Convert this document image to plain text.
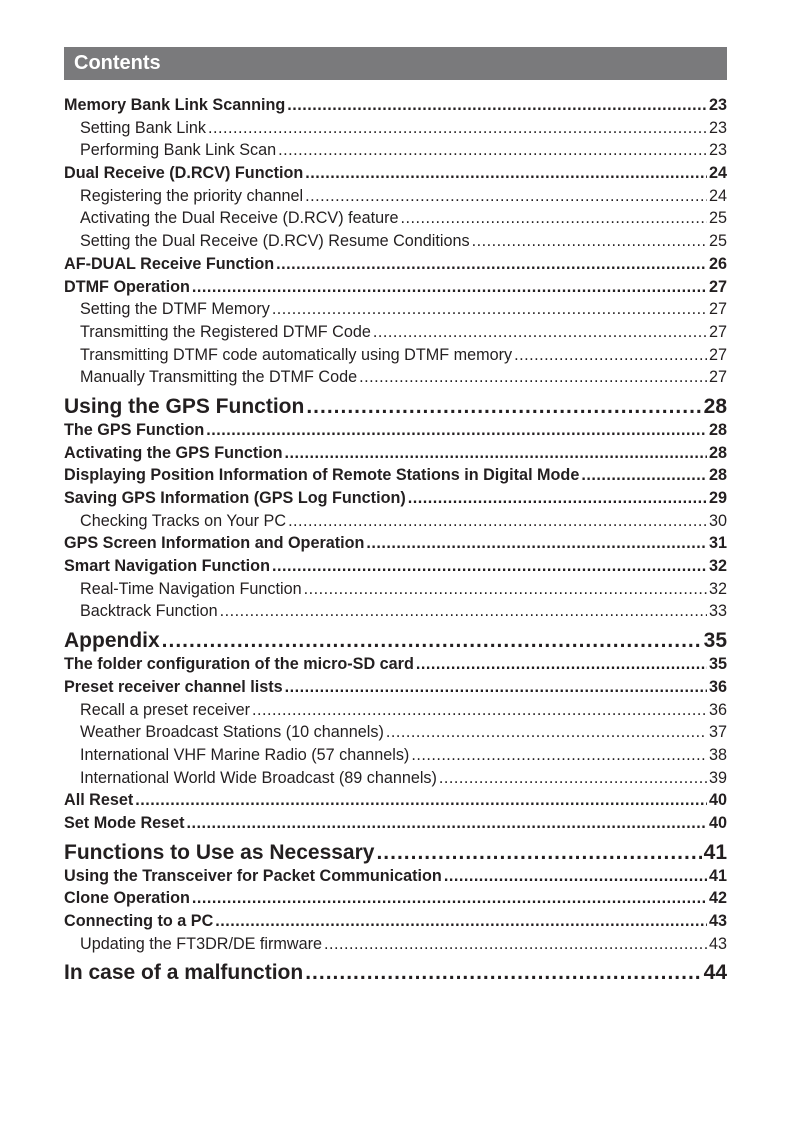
Contents
Memory Bank Link Scanning .....	23
Setting Bank Link .....	23
Performing Bank Link Scan .....	23
Dual Receive (D.RCV) Function .....	24
Registering the priority channel .....	24
Activating the Dual Receive (D.RCV) feature .....	25
Setting the Dual Receive (D.RCV) Resume Conditions .....	25
AF-DUAL Receive Function .....	26
DTMF Operation .....	27
Setting the DTMF Memory .....	27
Transmitting the Registered DTMF Code .....	27
Transmitting DTMF code automatically using DTMF memory .....	27
Manually Transmitting the DTMF Code .....	27
Using the GPS Function .....	28
The GPS Function .....	28
Activating the GPS Function .....	28
Displaying Position Information of Remote Stations in Digital Mode .....	28
Saving GPS Information (GPS Log Function) .....	29
Checking Tracks on Your PC .....	30
GPS Screen Information and Operation .....	31
Smart Navigation Function .....	32
Real-Time Navigation Function .....	32
Backtrack Function .....	33
Appendix .....	35
The folder configuration of the micro-SD card .....	35
Preset receiver channel lists .....	36
Recall a preset receiver .....	36
Weather Broadcast Stations (10 channels) .....	37
International VHF Marine Radio (57 channels) .....	38
International World Wide Broadcast (89 channels) .....	39
All Reset .....	40
Set Mode Reset .....	40
Functions to Use as Necessary .....	41
Using the Transceiver for Packet Communication .....	41
Clone Operation .....	42
Connecting to a PC .....	43
Updating the FT3DR/DE firmware .....	43
In case of a malfunction .....	44
